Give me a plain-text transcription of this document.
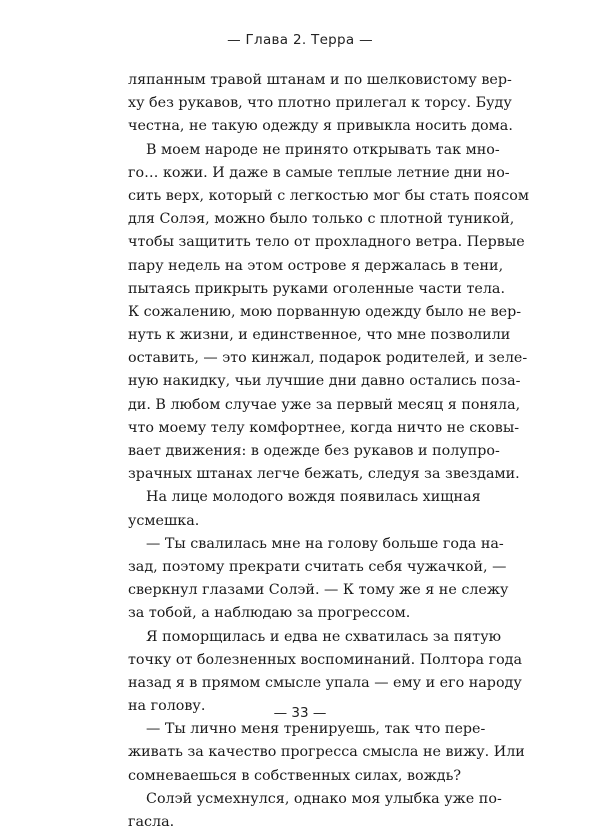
— Глава 2. Терра —
ляпанным травой штанам и по шелковистому вер-
ху без рукавов, что плотно прилегал к торсу. Буду
честна, не такую одежду я привыкла носить дома.
В моем народе не принято открывать так мно-
го… кожи. И даже в самые теплые летние дни но-
сить верх, который с легкостью мог бы стать поясом
для Солэя, можно было только с плотной туникой,
чтобы защитить тело от прохладного ветра. Первые
пару недель на этом острове я держалась в тени,
пытаясь прикрыть руками оголенные части тела.
К сожалению, мою порванную одежду было не вер-
нуть к жизни, и единственное, что мне позволили
оставить, — это кинжал, подарок родителей, и зеле-
ную накидку, чьи лучшие дни давно остались поза-
ди. В любом случае уже за первый месяц я поняла,
что моему телу комфортнее, когда ничто не сковы-
вает движения: в одежде без рукавов и полупро-
зрачных штанах легче бежать, следуя за звездами.
На лице молодого вождя появилась хищная
усмешка.
— Ты свалилась мне на голову больше года на-
зад, поэтому прекрати считать себя чужачкой, —
сверкнул глазами Солэй. — К тому же я не слежу
за тобой, а наблюдаю за прогрессом.
Я поморщилась и едва не схватилась за пятую
точку от болезненных воспоминаний. Полтора года
назад я в прямом смысле упала — ему и его народу
на голову.
— Ты лично меня тренируешь, так что пере-
живать за качество прогресса смысла не вижу. Или
сомневаешься в собственных силах, вождь?
Солэй усмехнулся, однако моя улыбка уже по-
гасла.
— 33 —
